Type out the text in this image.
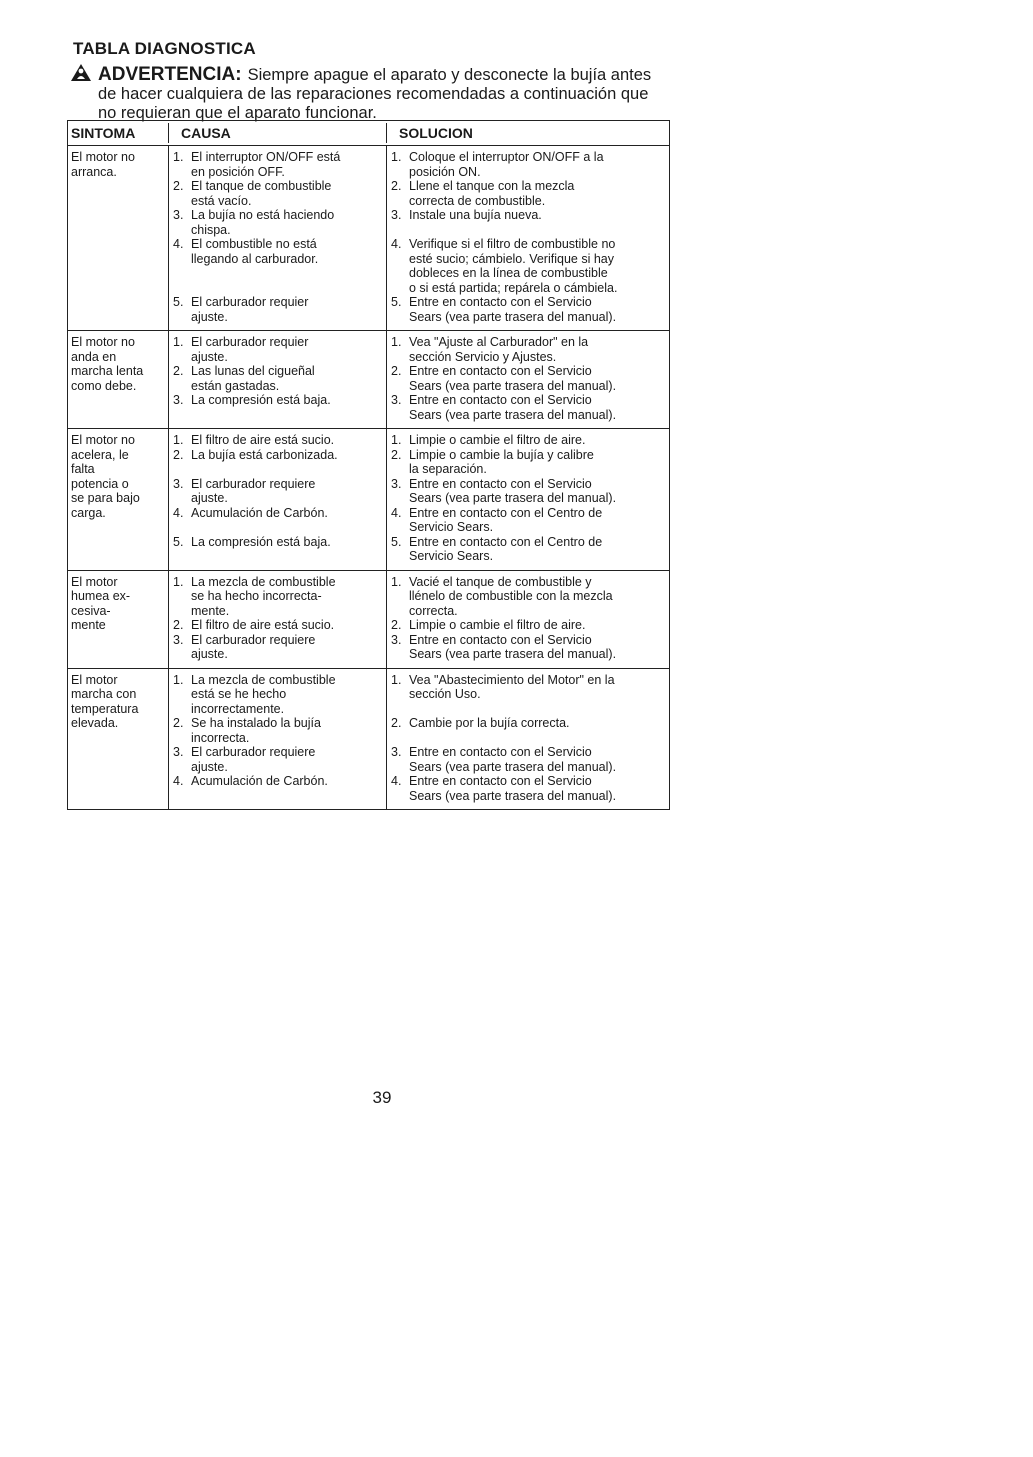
TABLA DIAGNOSTICA
ADVERTENCIA: Siempre apague el aparato y desconecte la bujía antes
de hacer cualquiera de las reparaciones recomendadas a continuación que
no requieran que el aparato funcionar.
SINTOMA	CAUSA	SOLUCION
El motor no
arranca.
1. El interruptor ON/OFF está
en posición OFF.
2. El tanque de combustible
está vacío.
3. La bujía no está haciendo
chispa.
4. El combustible no está
llegando al carburador.

5. El carburador requier
ajuste.
1. Coloque el interruptor ON/OFF a la
posición ON.
2. Llene el tanque con la mezcla
correcta de combustible.
3. Instale una bujía nueva.

4. Verifique si el filtro de combustible no
esté sucio; cámbielo. Verifique si hay
dobleces en la línea de combustible
o si está partida; repárela o cámbiela.
5. Entre en contacto con el Servicio
Sears (vea parte trasera del manual).
El motor no
anda en
marcha lenta
como debe.
1. El carburador requier
ajuste.
2. Las lunas del cigueñal
están gastadas.
3. La compresión está baja.

1. Vea "Ajuste al Carburador" en la
sección Servicio y Ajustes.
2. Entre en contacto con el Servicio
Sears (vea parte trasera del manual).
3. Entre en contacto con el Servicio
Sears (vea parte trasera del manual).
El motor no
acelera, le
falta
potencia o
se para bajo
carga.
1. El filtro de aire está sucio.
2. La bujía está carbonizada.

3. El carburador requiere
ajuste.
4. Acumulación de Carbón.

5. La compresión está baja.

1. Limpie o cambie el filtro de aire.
2. Limpie o cambie la bujía y calibre
la separación.
3. Entre en contacto con el Servicio
Sears (vea parte trasera del manual).
4. Entre en contacto con el Centro de
Servicio Sears.
5. Entre en contacto con el Centro de
Servicio Sears.
El motor
humea ex-
cesiva-
mente
1. La mezcla de combustible
se ha hecho incorrecta-
mente.
2. El filtro de aire está sucio.
3. El carburador requiere
ajuste.
1. Vacié el tanque de combustible y
llénelo de combustible con la mezcla
correcta.
2. Limpie o cambie el filtro de aire.
3. Entre en contacto con el Servicio
Sears (vea parte trasera del manual).
El motor
marcha con
temperatura
elevada.
1. La mezcla de combustible
está se he hecho
incorrectamente.
2. Se ha instalado la bujía
incorrecta.
3. El carburador requiere
ajuste.
4. Acumulación de Carbón.
1. Vea "Abastecimiento del Motor" en la
sección Uso.

2. Cambie por la bujía correcta.

3. Entre en contacto con el Servicio
Sears (vea parte trasera del manual).
4. Entre en contacto con el Servicio
Sears (vea parte trasera del manual).
39
